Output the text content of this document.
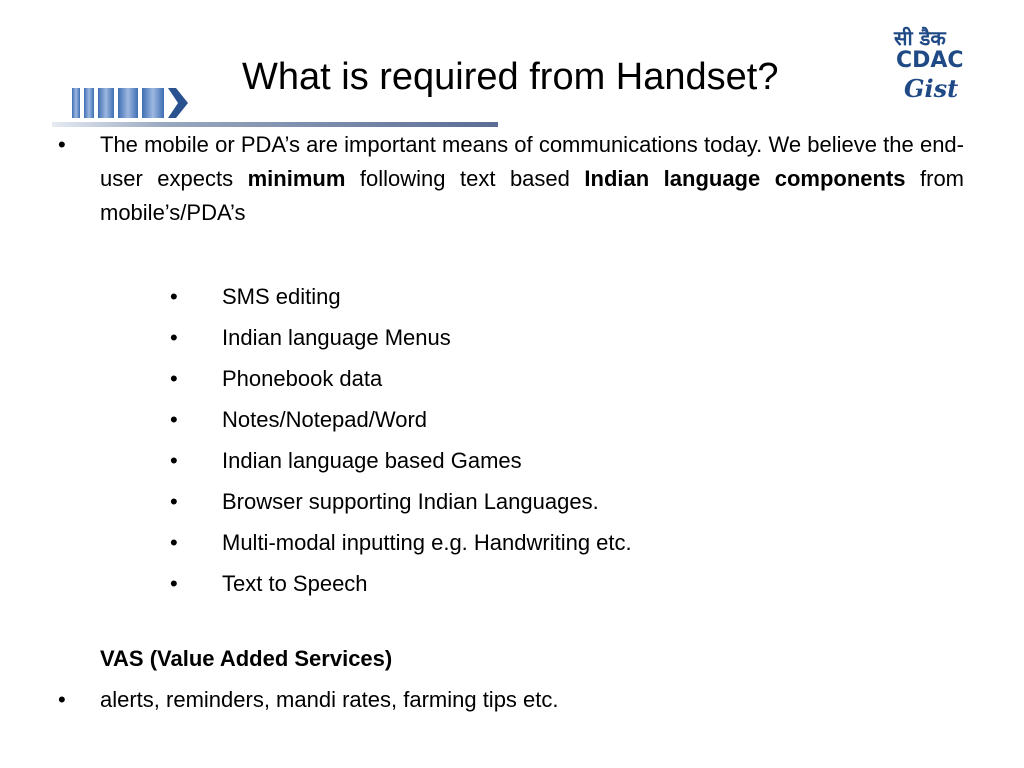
What is required from Handset?
सी डैक
CDAC
Gist
•	The mobile or PDA’s are important means of communications today. We believe the end-user expects minimum following text based Indian language components from mobile’s/PDA’s
• SMS editing
• Indian language Menus
• Phonebook data
• Notes/Notepad/Word
• Indian language based Games
• Browser supporting Indian Languages.
• Multi-modal inputting e.g. Handwriting etc.
• Text to Speech
VAS (Value Added Services)
•	alerts, reminders, mandi rates, farming tips etc.
